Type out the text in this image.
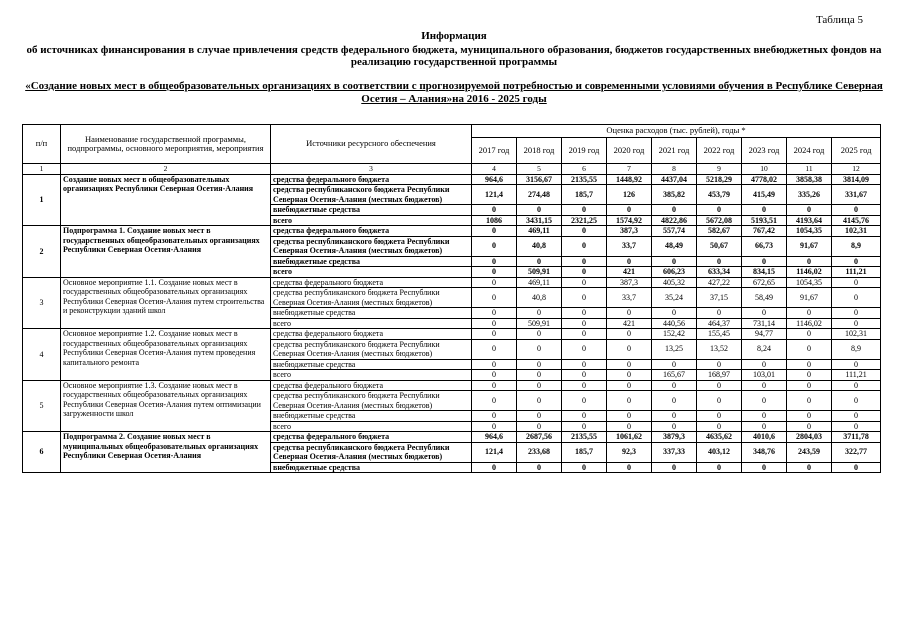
Таблица 5
Информация
об источниках финансирования в случае привлечения средств федерального бюджета, муниципального образования, бюджетов государственных внебюджетных фондов на реализацию государственной программы
«Создание новых мест в общеобразовательных организациях в соответствии с прогнозируемой потребностью и современными условиями обучения в Республике Северная Осетия – Алания»на 2016 - 2025 годы
п/п	Наименование государственной программы, подпрограммы, основного мероприятия, мероприятия	Источники ресурсного обеспечения	Оценка расходов (тыс. рублей), годы *								
			2017 год	2018 год	2019 год	2020 год	2021 год	2022 год	2023 год	2024 год	2025 год
1	2	3	4	5	6	7	8	9	10	11	12
1	Создание новых мест в общеобразовательных организациях Республики Северная Осетия-Алания	средства федерального бюджета	964,6	3156,67	2135,55	1448,92	4437,04	5218,29	4778,02	3858,38	3814,09
		средства республиканского бюджета Республики Северная Осетия-Алания (местных бюджетов)	121,4	274,48	185,7	126	385,82	453,79	415,49	335,26	331,67
		внебюджетные средства	0	0	0	0	0	0	0	0	0
		всего	1086	3431,15	2321,25	1574,92	4822,86	5672,08	5193,51	4193,64	4145,76
2	Подпрограмма 1. Создание новых мест в государственных общеобразовательных организациях Республики Северная Осетия-Алания	средства федерального бюджета	0	469,11	0	387,3	557,74	582,67	767,42	1054,35	102,31
		средства республиканского бюджета Республики Северная Осетия-Алания (местных бюджетов)	0	40,8	0	33,7	48,49	50,67	66,73	91,67	8,9
		внебюджетные средства	0	0	0	0	0	0	0	0	0
		всего	0	509,91	0	421	606,23	633,34	834,15	1146,02	111,21
3	Основное мероприятие 1.1. Создание новых мест в государственных общеобразовательных организациях Республики Северная Осетия-Алания путем строительства и реконструкции зданий школ	средства федерального бюджета	0	469,11	0	387,3	405,32	427,22	672,65	1054,35	0
		средства республиканского бюджета Республики Северная Осетия-Алания (местных бюджетов)	0	40,8	0	33,7	35,24	37,15	58,49	91,67	0
		внебюджетные средства	0	0	0	0	0	0	0	0	0
		всего	0	509,91	0	421	440,56	464,37	731,14	1146,02	0
4	Основное мероприятие 1.2. Создание новых мест в государственных общеобразовательных организациях Республики Северная Осетия-Алания путем проведения капитального ремонта	средства федерального бюджета	0	0	0	0	152,42	155,45	94,77	0	102,31
		средства республиканского бюджета Республики Северная Осетия-Алания (местных бюджетов)	0	0	0	0	13,25	13,52	8,24	0	8,9
		внебюджетные средства	0	0	0	0	0	0	0	0	0
		всего	0	0	0	0	165,67	168,97	103,01	0	111,21
5	Основное мероприятие 1.3. Создание новых мест в государственных общеобразовательных организациях Республики Северная Осетия-Алания путем оптимизации загруженности школ	средства федерального бюджета	0	0	0	0	0	0	0	0	0
		средства республиканского бюджета Республики Северная Осетия-Алания (местных бюджетов)	0	0	0	0	0	0	0	0	0
		внебюджетные средства	0	0	0	0	0	0	0	0	0
		всего	0	0	0	0	0	0	0	0	0
6	Подпрограмма 2. Создание новых мест в муниципальных общеобразовательных организациях Республики Северная Осетия-Алания	средства федерального бюджета	964,6	2687,56	2135,55	1061,62	3879,3	4635,62	4010,6	2804,03	3711,78
		средства республиканского бюджета Республики Северная Осетия-Алания (местных бюджетов)	121,4	233,68	185,7	92,3	337,33	403,12	348,76	243,59	322,77
		внебюджетные средства	0	0	0	0	0	0	0	0	0
